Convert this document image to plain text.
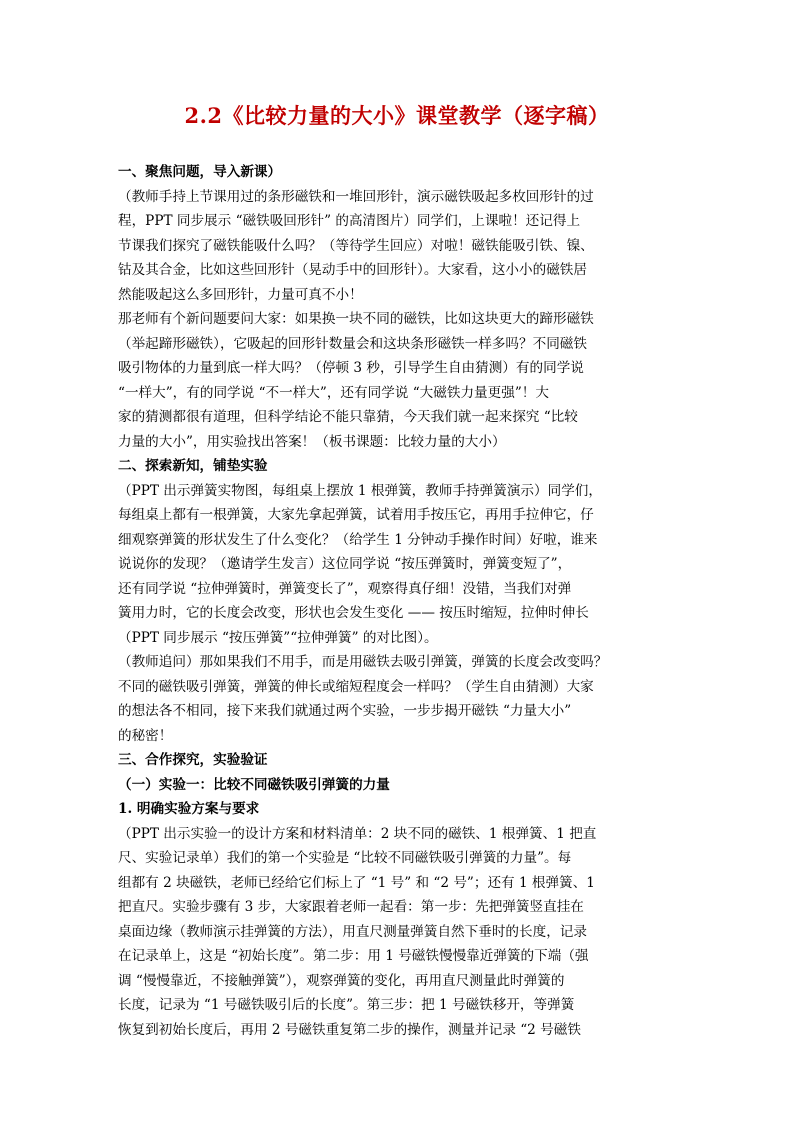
2.2《比较力量的大小》课堂教学（逐字稿）

一、聚焦问题，导入新课）

（教师手持上节课用过的条形磁铁和一堆回形针，演示磁铁吸起多枚回形针的过

程，PPT 同步展示 “磁铁吸回形针” 的高清图片）同学们，上课啦！还记得上

节课我们探究了磁铁能吸什么吗？（等待学生回应）对啦！磁铁能吸引铁、镍、

钴及其合金，比如这些回形针（晃动手中的回形针）。大家看，这小小的磁铁居

然能吸起这么多回形针，力量可真不小！

那老师有个新问题要问大家：如果换一块不同的磁铁，比如这块更大的蹄形磁铁

（举起蹄形磁铁），它吸起的回形针数量会和这块条形磁铁一样多吗？不同磁铁

吸引物体的力量到底一样大吗？（停顿 3 秒，引导学生自由猜测）有的同学说

“一样大”，有的同学说 “不一样大”，还有同学说 “大磁铁力量更强”！大

家的猜测都很有道理，但科学结论不能只靠猜，今天我们就一起来探究 “比较

力量的大小”，用实验找出答案！（板书课题：比较力量的大小）

二、探索新知，铺垫实验

（PPT 出示弹簧实物图，每组桌上摆放 1 根弹簧，教师手持弹簧演示）同学们，

每组桌上都有一根弹簧，大家先拿起弹簧，试着用手按压它，再用手拉伸它，仔

细观察弹簧的形状发生了什么变化？（给学生 1 分钟动手操作时间）好啦，谁来

说说你的发现？（邀请学生发言）这位同学说 “按压弹簧时，弹簧变短了”，

还有同学说 “拉伸弹簧时，弹簧变长了”，观察得真仔细！没错，当我们对弹

簧用力时，它的长度会改变，形状也会发生变化 —— 按压时缩短，拉伸时伸长

（PPT 同步展示 “按压弹簧”“拉伸弹簧” 的对比图）。

（教师追问）那如果我们不用手，而是用磁铁去吸引弹簧，弹簧的长度会改变吗？

不同的磁铁吸引弹簧，弹簧的伸长或缩短程度会一样吗？（学生自由猜测）大家

的想法各不相同，接下来我们就通过两个实验，一步步揭开磁铁 “力量大小”

的秘密！

三、合作探究，实验验证

（一）实验一：比较不同磁铁吸引弹簧的力量

1. 明确实验方案与要求

（PPT 出示实验一的设计方案和材料清单：2 块不同的磁铁、1 根弹簧、1 把直

尺、实验记录单）我们的第一个实验是 “比较不同磁铁吸引弹簧的力量”。每

组都有 2 块磁铁，老师已经给它们标上了 “1 号” 和 “2 号”；还有 1 根弹簧、1

把直尺。实验步骤有 3 步，大家跟着老师一起看：第一步：先把弹簧竖直挂在

桌面边缘（教师演示挂弹簧的方法），用直尺测量弹簧自然下垂时的长度，记录

在记录单上，这是 “初始长度”。第二步：用 1 号磁铁慢慢靠近弹簧的下端（强

调 “慢慢靠近，不接触弹簧”），观察弹簧的变化，再用直尺测量此时弹簧的

长度，记录为 “1 号磁铁吸引后的长度”。第三步：把 1 号磁铁移开，等弹簧

恢复到初始长度后，再用 2 号磁铁重复第二步的操作，测量并记录 “2 号磁铁
